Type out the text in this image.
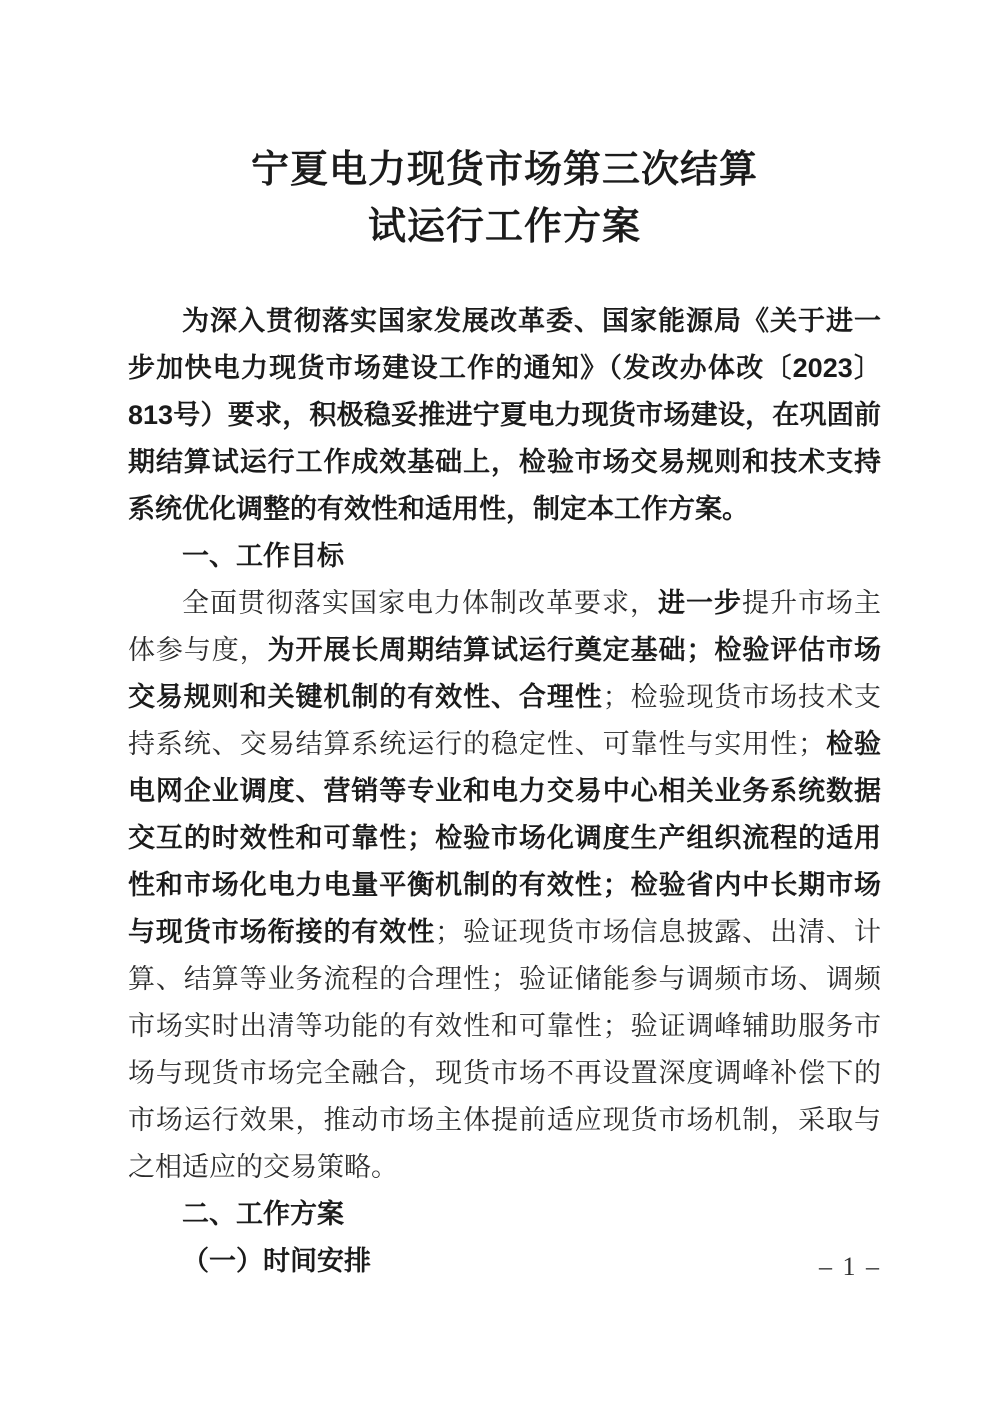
宁夏电力现货市场第三次结算
试运行工作方案

为深入贯彻落实国家发展改革委、国家能源局《关于进一步加快电力现货市场建设工作的通知》（发改办体改〔2023〕813号）要求，积极稳妥推进宁夏电力现货市场建设，在巩固前期结算试运行工作成效基础上，检验市场交易规则和技术支持系统优化调整的有效性和适用性，制定本工作方案。

一、工作目标

全面贯彻落实国家电力体制改革要求，进一步提升市场主体参与度，为开展长周期结算试运行奠定基础；检验评估市场交易规则和关键机制的有效性、合理性；检验现货市场技术支持系统、交易结算系统运行的稳定性、可靠性与实用性；检验电网企业调度、营销等专业和电力交易中心相关业务系统数据交互的时效性和可靠性；检验市场化调度生产组织流程的适用性和市场化电力电量平衡机制的有效性；检验省内中长期市场与现货市场衔接的有效性；验证现货市场信息披露、出清、计算、结算等业务流程的合理性；验证储能参与调频市场、调频市场实时出清等功能的有效性和可靠性；验证调峰辅助服务市场与现货市场完全融合，现货市场不再设置深度调峰补偿下的市场运行效果，推动市场主体提前适应现货市场机制，采取与之相适应的交易策略。

二、工作方案

（一）时间安排	– 1 –
